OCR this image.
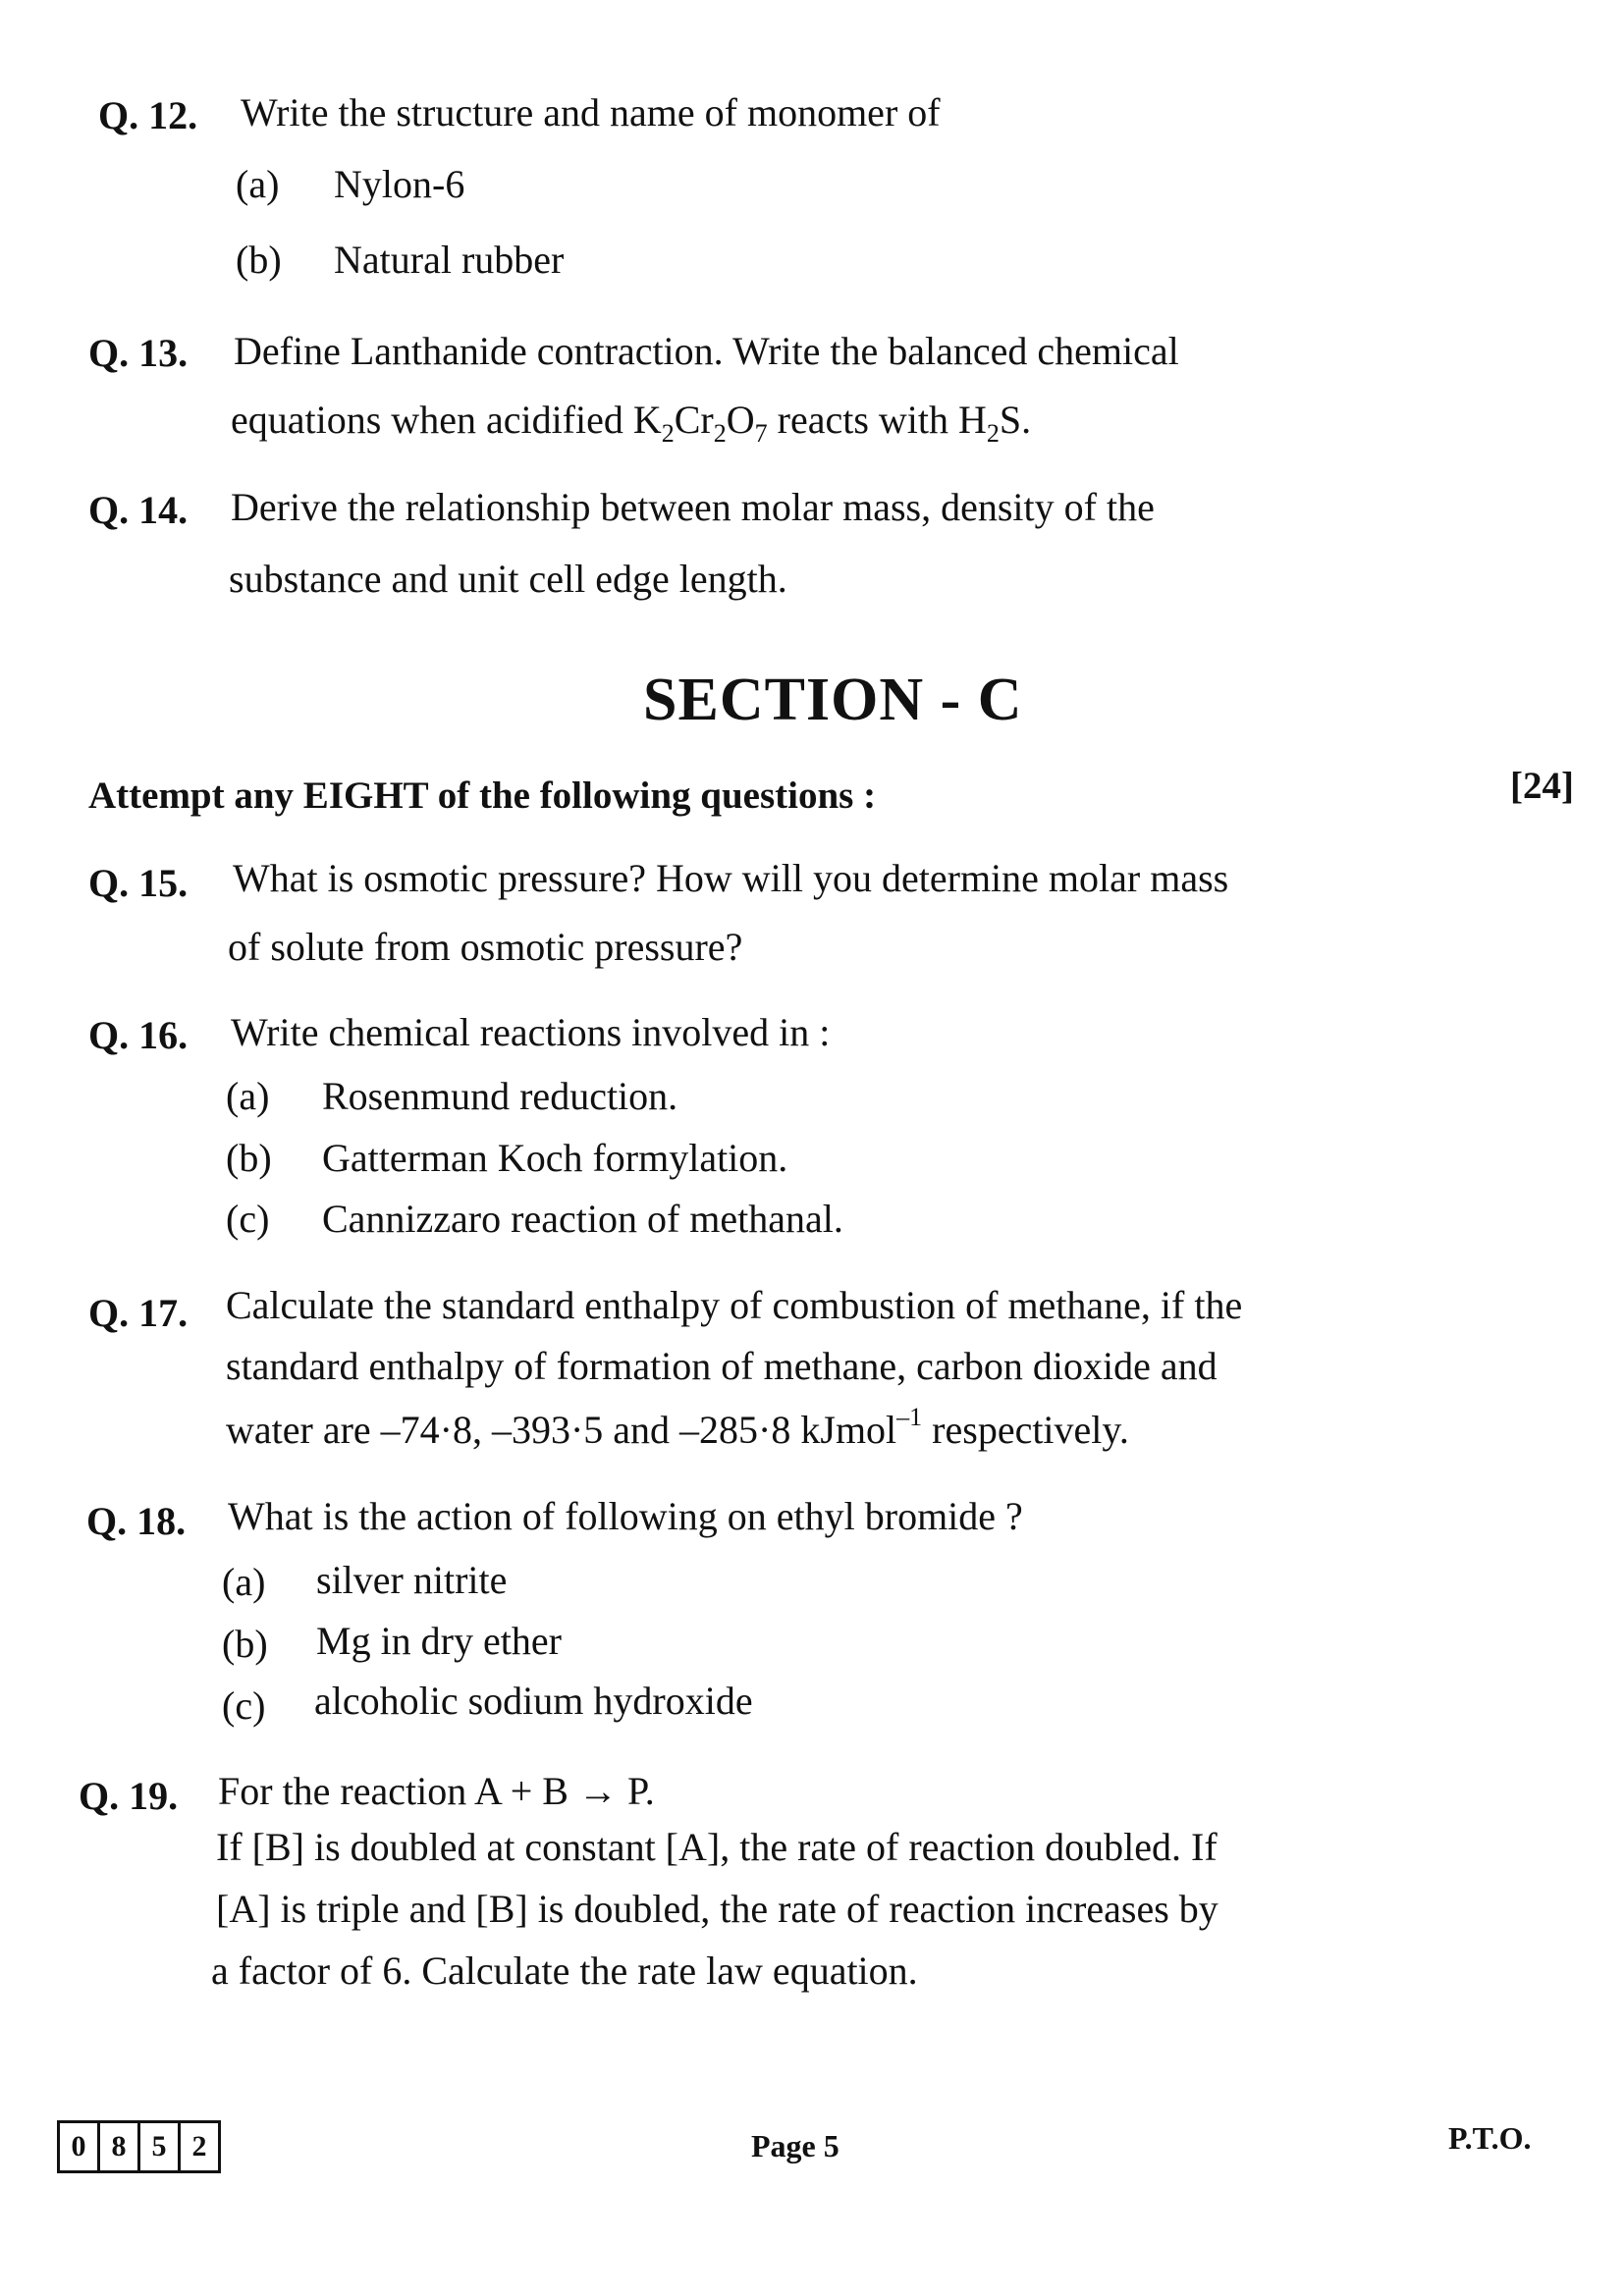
Q. 12. Write the structure and name of monomer of
(a) Nylon-6
(b) Natural rubber
Q. 13. Define Lanthanide contraction. Write the balanced chemical
equations when acidified $K_2Cr_2O_7$ reacts with $H_2S$.
Q. 14. Derive the relationship between molar mass, density of the
substance and unit cell edge length.
SECTION - C
Attempt any EIGHT of the following questions :	[24]
Q. 15. What is osmotic pressure? How will you determine molar mass
of solute from osmotic pressure?
Q. 16. Write chemical reactions involved in :
(a) Rosenmund reduction.
(b) Gatterman Koch formylation.
(c) Cannizzaro reaction of methanal.
Q. 17. Calculate the standard enthalpy of combustion of methane, if the
standard enthalpy of formation of methane, carbon dioxide and
water are –74·8, –393·5 and –285·8 kJmol$^{-1}$ respectively.
Q. 18. What is the action of following on ethyl bromide ?
(a) silver nitrite
(b) Mg in dry ether
(c) alcoholic sodium hydroxide
Q. 19. For the reaction A + B → P.
If [B] is doubled at constant [A], the rate of reaction doubled. If
[A] is triple and [B] is doubled, the rate of reaction increases by
a factor of 6. Calculate the rate law equation.
0 8 5 2	Page 5	P.T.O.
